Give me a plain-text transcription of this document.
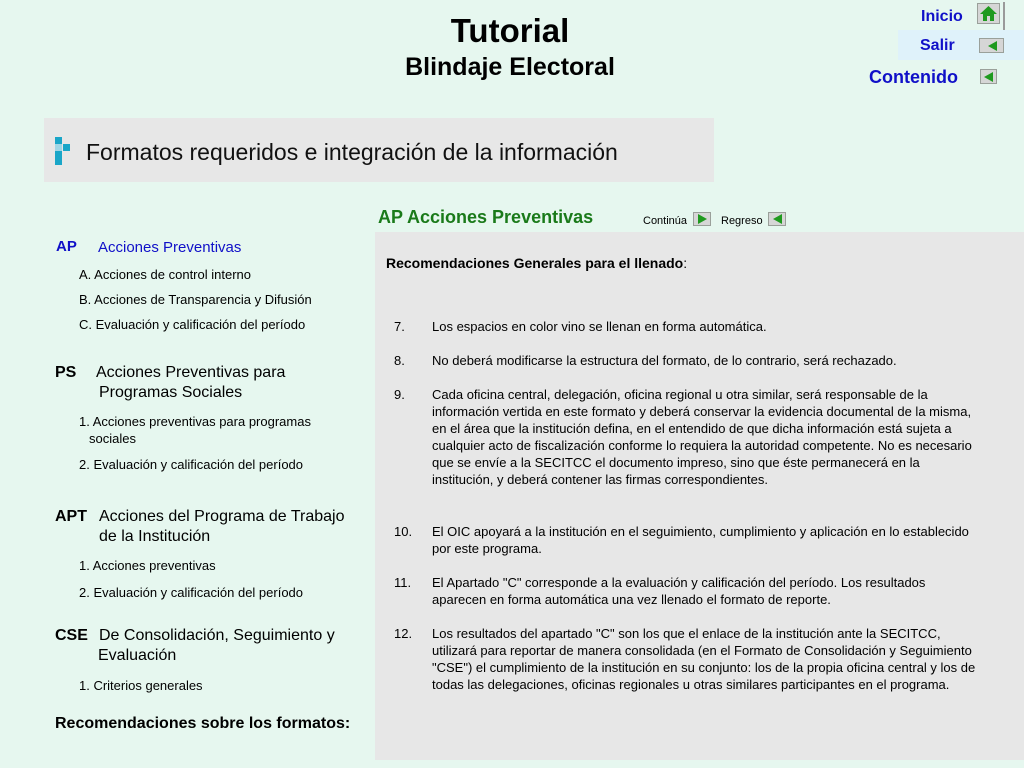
Tutorial
Blindaje Electoral
Inicio
Salir
Contenido
Formatos requeridos e integración de la información
AP Acciones Preventivas	Continúa	Regreso
AP Acciones Preventivas
A. Acciones de control interno
B. Acciones de Transparencia y Difusión
C. Evaluación y calificación del período
PS Acciones Preventivas para
Programas Sociales
1. Acciones preventivas para programas
sociales
2. Evaluación y calificación del período
APT Acciones del Programa de Trabajo
de la Institución
1. Acciones preventivas
2. Evaluación y calificación del período
CSE De Consolidación, Seguimiento y
Evaluación
1. Criterios generales
Recomendaciones sobre los formatos:
Recomendaciones Generales para el llenado:
7. Los espacios en color vino se llenan en forma automática.
8. No deberá modificarse la estructura del formato, de lo contrario, será rechazado.
9. Cada oficina central, delegación, oficina regional u otra similar, será responsable de la información vertida en este formato y deberá conservar la evidencia documental de la misma, en el área que la institución defina, en el entendido de que dicha información está sujeta a cualquier acto de fiscalización conforme lo requiera la autoridad competente. No es necesario que se envíe a la SECITCC el documento impreso, sino que éste permanecerá en la institución, y deberá contener las firmas correspondientes.
10. El OIC apoyará a la institución en el seguimiento, cumplimiento y aplicación en lo establecido por este programa.
11. El Apartado "C" corresponde a la evaluación y calificación del período. Los resultados aparecen en forma automática una vez llenado el formato de reporte.
12. Los resultados del apartado "C" son los que el enlace de la institución ante la SECITCC, utilizará para reportar de manera consolidada (en el Formato de Consolidación y Seguimiento "CSE") el cumplimiento de la institución en su conjunto: los de la propia oficina central y los de todas las delegaciones, oficinas regionales u otras similares participantes en el programa.
